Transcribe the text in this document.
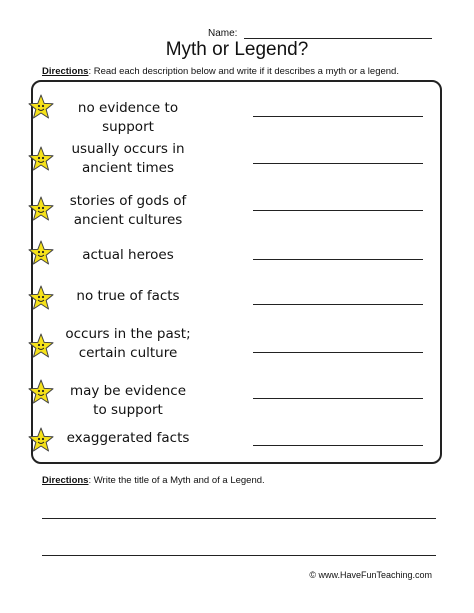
Name:
Myth or Legend?
Directions: Read each description below and write if it describes a myth or a legend.
no evidence to support
usually occurs in
ancient times
stories of gods of
ancient cultures
actual heroes
no true of facts
occurs in the past;
certain culture
may be evidence
to support
exaggerated facts
Directions: Write the title of a Myth and of a Legend.
© www.HaveFunTeaching.com
